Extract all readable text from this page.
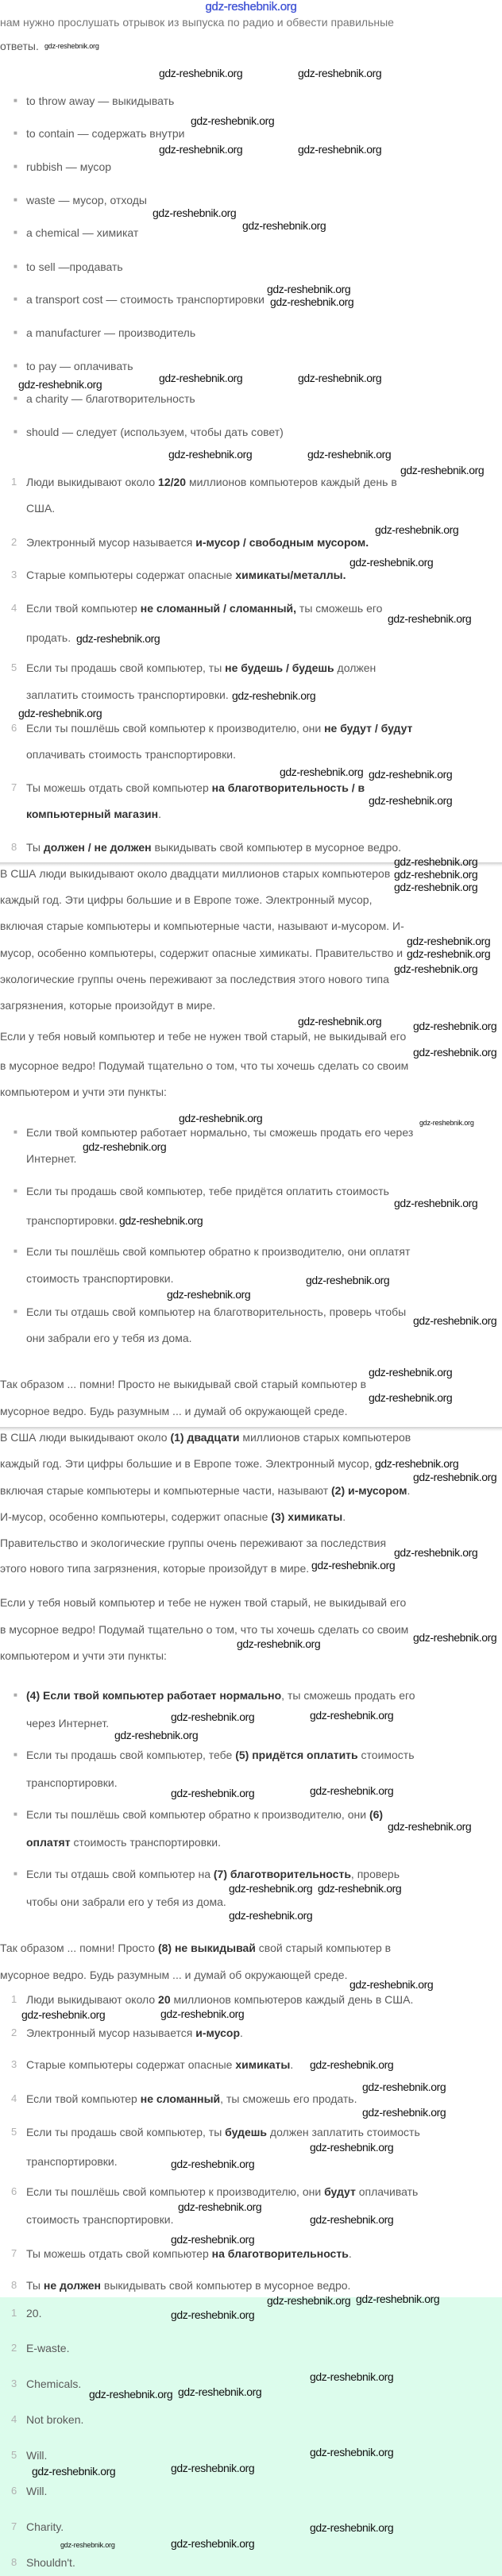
gdz-reshebnik.org
нам нужно прослушать отрывок из выпуска по радио и обвести правильные
ответы.
■ to throw away — выкидывать
■ to contain — содержать внутри
■ rubbish — мусор
■ waste — мусор, отходы
■ a chemical — химикат
■ to sell —продавать
■ a transport cost — стоимость транспортировки
■ a manufacturer — производитель
■ to pay — оплачивать
■ a charity — благотворительность
■ should — следует (используем, чтобы дать совет)
1 Люди выкидывают около 12/20 миллионов компьютеров каждый день в
США.
2 Электронный мусор называется и-мусор / свободным мусором.
3 Старые компьютеры содержат опасные химикаты/металлы.
4 Если твой компьютер не сломанный / сломанный, ты сможешь его
продать.
5 Если ты продашь свой компьютер, ты не будешь / будешь должен
заплатить стоимость транспортировки.
6 Если ты пошлёшь свой компьютер к производителю, они не будут / будут
оплачивать стоимость транспортировки.
7 Ты можешь отдать свой компьютер на благотворительность / в
компьютерный магазин.
8 Ты должен / не должен выкидывать свой компьютер в мусорное ведро.
В США люди выкидывают около двадцати миллионов старых компьютеров
каждый год. Эти цифры большие и в Европе тоже. Электронный мусор,
включая старые компьютеры и компьютерные части, называют и-мусором. И-
мусор, особенно компьютеры, содержит опасные химикаты. Правительство и
экологические группы очень переживают за последствия этого нового типа
загрязнения, которые произойдут в мире.
Если у тебя новый компьютер и тебе не нужен твой старый, не выкидывай его
в мусорное ведро! Подумай тщательно о том, что ты хочешь сделать со своим
компьютером и учти эти пункты:
■ Если твой компьютер работает нормально, ты сможешь продать его через
Интернет.
■ Если ты продашь свой компьютер, тебе придётся оплатить стоимость
транспортировки.
■ Если ты пошлёшь свой компьютер обратно к производителю, они оплатят
стоимость транспортировки.
■ Если ты отдашь свой компьютер на благотворительность, проверь чтобы
они забрали его у тебя из дома.
Так образом ... помни! Просто не выкидывай свой старый компьютер в
мусорное ведро. Будь разумным ... и думай об окружающей среде.
В США люди выкидывают около (1) двадцати миллионов старых компьютеров
каждый год. Эти цифры большие и в Европе тоже. Электронный мусор,
включая старые компьютеры и компьютерные части, называют (2) и-мусором.
И-мусор, особенно компьютеры, содержит опасные (3) химикаты.
Правительство и экологические группы очень переживают за последствия
этого нового типа загрязнения, которые произойдут в мире.
Если у тебя новый компьютер и тебе не нужен твой старый, не выкидывай его
в мусорное ведро! Подумай тщательно о том, что ты хочешь сделать со своим
компьютером и учти эти пункты:
■ (4) Если твой компьютер работает нормально, ты сможешь продать его
через Интернет.
■ Если ты продашь свой компьютер, тебе (5) придётся оплатить стоимость
транспортировки.
■ Если ты пошлёшь свой компьютер обратно к производителю, они (6)
оплатят стоимость транспортировки.
■ Если ты отдашь свой компьютер на (7) благотворительность, проверь
чтобы они забрали его у тебя из дома.
Так образом ... помни! Просто (8) не выкидывай свой старый компьютер в
мусорное ведро. Будь разумным ... и думай об окружающей среде.
1 Люди выкидывают около 20 миллионов компьютеров каждый день в США.
2 Электронный мусор называется и-мусор.
3 Старые компьютеры содержат опасные химикаты.
4 Если твой компьютер не сломанный, ты сможешь его продать.
5 Если ты продашь свой компьютер, ты будешь должен заплатить стоимость
транспортировки.
6 Если ты пошлёшь свой компьютер к производителю, они будут оплачивать
стоимость транспортировки.
7 Ты можешь отдать свой компьютер на благотворительность.
8 Ты не должен выкидывать свой компьютер в мусорное ведро.
1 20.
2 E-waste.
3 Chemicals.
4 Not broken.
5 Will.
6 Will.
7 Charity.
8 Shouldn't.
gdz-reshebnik.org
gdz-reshebnik.org	gdz-reshebnik.org
gdz-reshebnik.org
gdz-reshebnik.org	gdz-reshebnik.org
gdz-reshebnik.org
gdz-reshebnik.org
gdz-reshebnik.org
gdz-reshebnik.org
gdz-reshebnik.org	gdz-reshebnik.org
gdz-reshebnik.org
gdz-reshebnik.org	gdz-reshebnik.org
gdz-reshebnik.org
gdz-reshebnik.org
gdz-reshebnik.org
gdz-reshebnik.org
gdz-reshebnik.org
gdz-reshebnik.org
gdz-reshebnik.org
gdz-reshebnik.org
gdz-reshebnik.org
gdz-reshebnik.org
gdz-reshebnik.org
gdz-reshebnik.org
gdz-reshebnik.org
gdz-reshebnik.org
gdz-reshebnik.org
gdz-reshebnik.org
gdz-reshebnik.org
gdz-reshebnik.org
gdz-reshebnik.org
gdz-reshebnik.org	gdz-reshebnik.org
gdz-reshebnik.org
gdz-reshebnik.org
gdz-reshebnik.org
gdz-reshebnik.org
gdz-reshebnik.org
gdz-reshebnik.org
gdz-reshebnik.org
gdz-reshebnik.org
gdz-reshebnik.org
gdz-reshebnik.org
gdz-reshebnik.org
gdz-reshebnik.org
gdz-reshebnik.org
gdz-reshebnik.org
gdz-reshebnik.org	gdz-reshebnik.org
gdz-reshebnik.org
gdz-reshebnik.org	gdz-reshebnik.org
gdz-reshebnik.org
gdz-reshebnik.org gdz-reshebnik.org
gdz-reshebnik.org
gdz-reshebnik.org
gdz-reshebnik.org	gdz-reshebnik.org
gdz-reshebnik.org
gdz-reshebnik.org
gdz-reshebnik.org
gdz-reshebnik.org
gdz-reshebnik.org
gdz-reshebnik.org
gdz-reshebnik.org
gdz-reshebnik.org
gdz-reshebnik.org
gdz-reshebnik.org
gdz-reshebnik.org
gdz-reshebnik.org
gdz-reshebnik.org gdz-reshebnik.org
gdz-reshebnik.org
gdz-reshebnik.org	gdz-reshebnik.org
gdz-reshebnik.org
gdz-reshebnik.org	gdz-reshebnik.org
